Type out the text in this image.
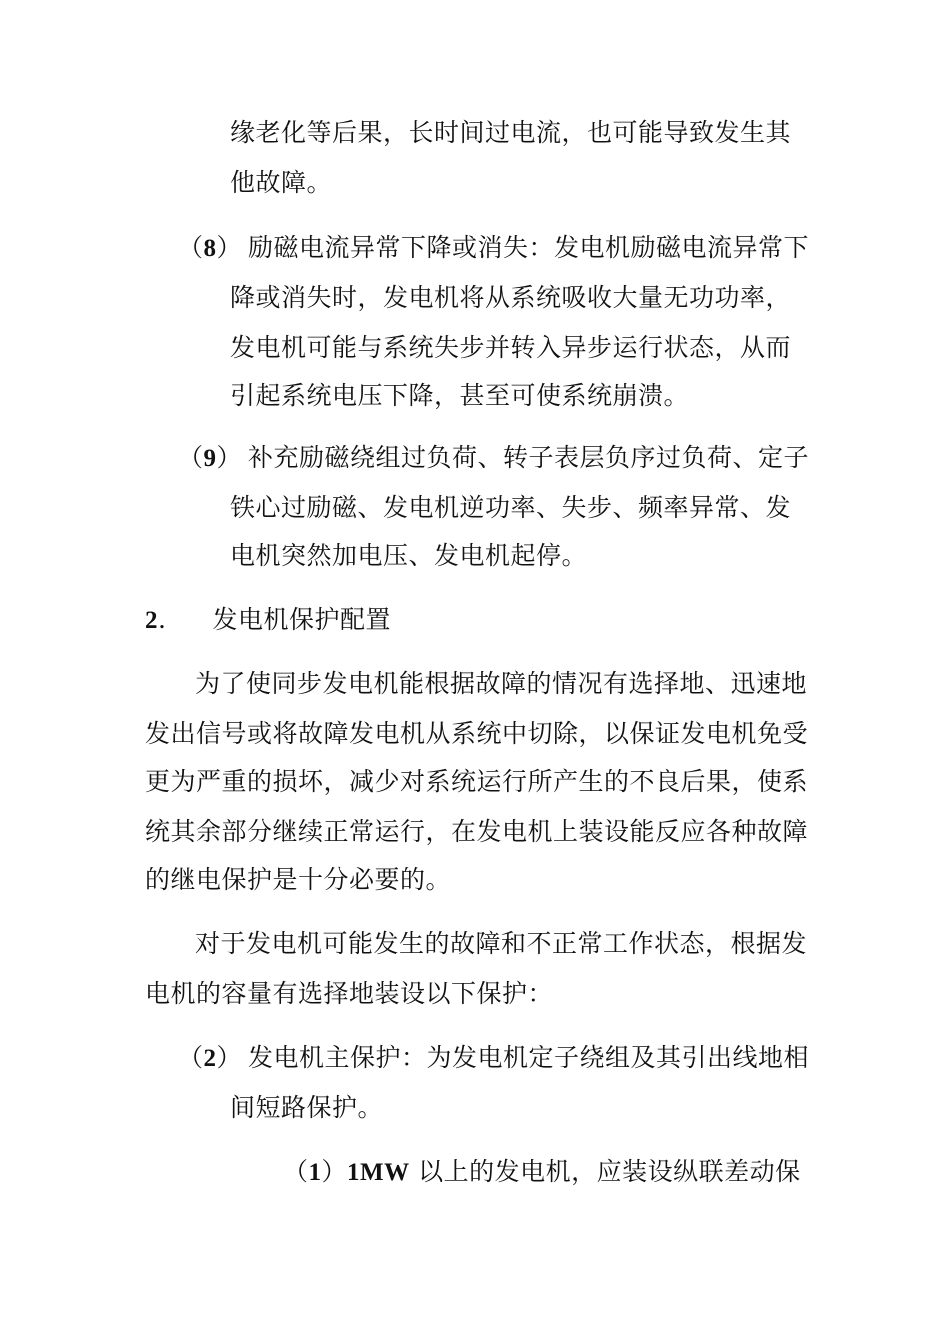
缘老化等后果，长时间过电流，也可能导致发生其
他故障。
（8） 励磁电流异常下降或消失：发电机励磁电流异常下
降或消失时，发电机将从系统吸收大量无功功率，
发电机可能与系统失步并转入异步运行状态，从而
引起系统电压下降，甚至可使系统崩溃。
（9） 补充励磁绕组过负荷、转子表层负序过负荷、定子
铁心过励磁、发电机逆功率、失步、频率异常、发
电机突然加电压、发电机起停。
2. 发电机保护配置
为了使同步发电机能根据故障的情况有选择地、迅速地
发出信号或将故障发电机从系统中切除，以保证发电机免受
更为严重的损坏，减少对系统运行所产生的不良后果，使系
统其余部分继续正常运行，在发电机上装设能反应各种故障
的继电保护是十分必要的。
对于发电机可能发生的故障和不正常工作状态，根据发
电机的容量有选择地装设以下保护：
（2） 发电机主保护：为发电机定子绕组及其引出线地相
间短路保护。
（1）1MW 以上的发电机，应装设纵联差动保
